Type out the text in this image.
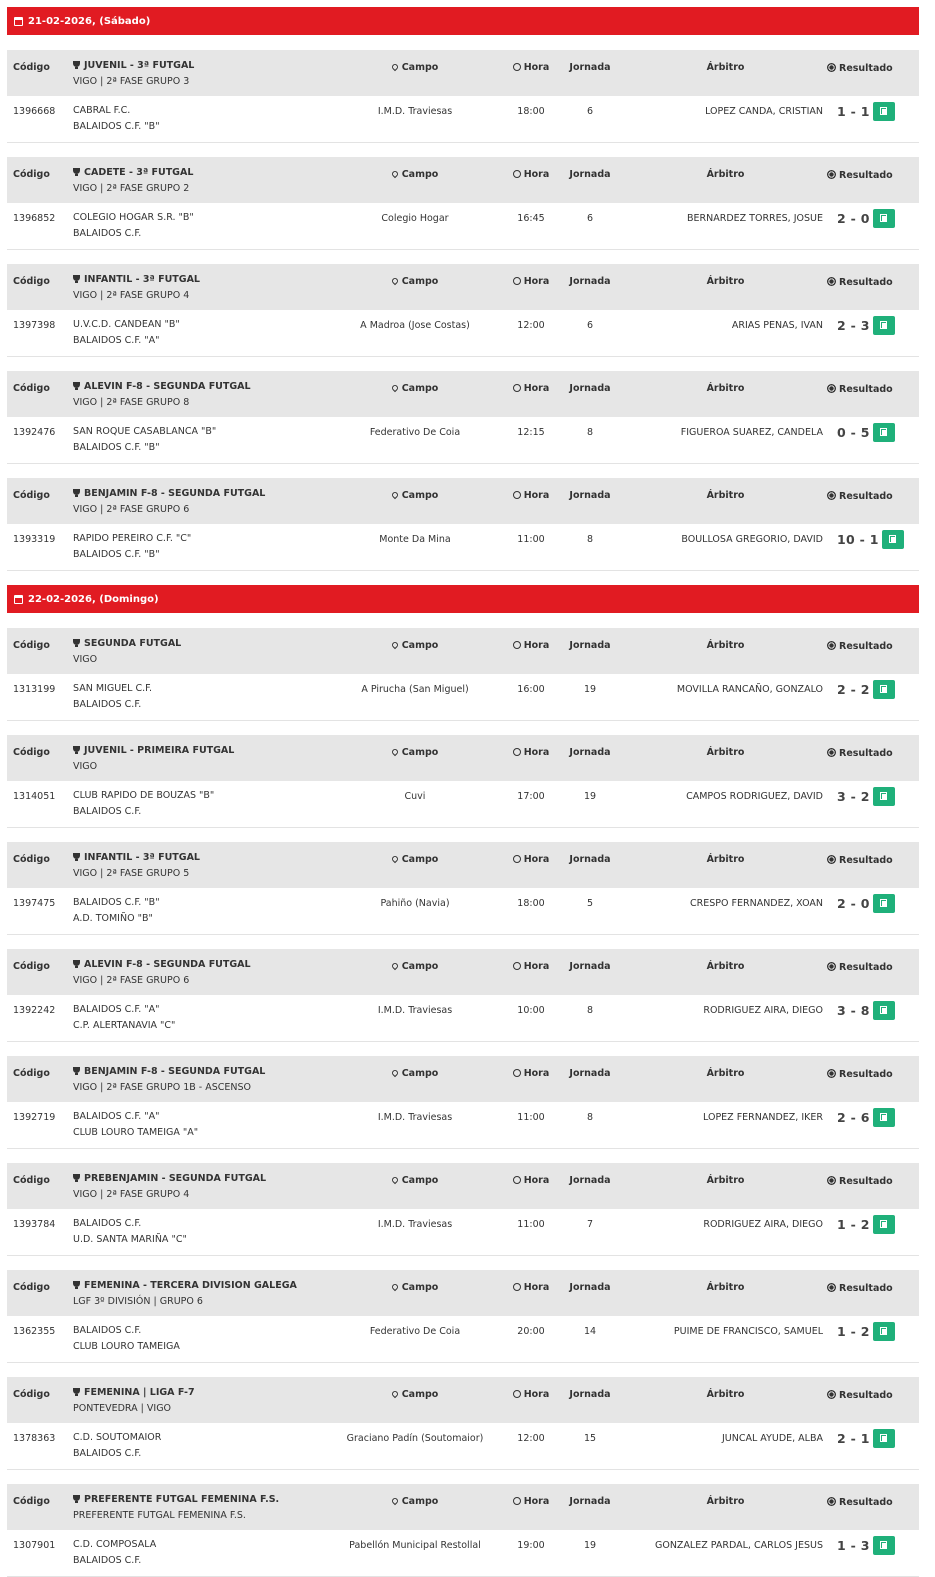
21-02-2026, (Sábado)
Código	JUVENIL - 3ª FUTGAL
VIGO | 2ª FASE GRUPO 3
Campo	Hora	Jornada	Árbitro	Resultado
1396668 CABRAL F.C.
BALAIDOS C.F. "B"
I.M.D. Traviesas	18:00	6	LOPEZ CANDA, CRISTIAN 1 - 1
Código	CADETE - 3ª FUTGAL
VIGO | 2ª FASE GRUPO 2
Campo	Hora	Jornada	Árbitro	Resultado
1396852 COLEGIO HOGAR S.R. "B"
BALAIDOS C.F.
Colegio Hogar	16:45	6	BERNARDEZ TORRES, JOSUE 2 - 0
Código	INFANTIL - 3ª FUTGAL
VIGO | 2ª FASE GRUPO 4
Campo	Hora	Jornada	Árbitro	Resultado
1397398 U.V.C.D. CANDEAN "B"
BALAIDOS C.F. "A"
A Madroa (Jose Costas)	12:00	6	ARIAS PENAS, IVAN 2 - 3
Código	ALEVIN F-8 - SEGUNDA FUTGAL
VIGO | 2ª FASE GRUPO 8
Campo	Hora	Jornada	Árbitro	Resultado
1392476 SAN ROQUE CASABLANCA "B"
BALAIDOS C.F. "B"
Federativo De Coia	12:15	8	FIGUEROA SUAREZ, CANDELA 0 - 5
Código	BENJAMIN F-8 - SEGUNDA FUTGAL
VIGO | 2ª FASE GRUPO 6
Campo	Hora	Jornada	Árbitro	Resultado
1393319 RAPIDO PEREIRO C.F. "C"
BALAIDOS C.F. "B"
Monte Da Mina	11:00	8	BOULLOSA GREGORIO, DAVID 10 - 1
22-02-2026, (Domingo)
Código	SEGUNDA FUTGAL
VIGO
Campo	Hora	Jornada	Árbitro	Resultado
1313199 SAN MIGUEL C.F.
BALAIDOS C.F.
A Pirucha (San Miguel)	16:00	19	MOVILLA RANCAÑO, GONZALO 2 - 2
Código	JUVENIL - PRIMEIRA FUTGAL
VIGO
Campo	Hora	Jornada	Árbitro	Resultado
1314051 CLUB RAPIDO DE BOUZAS "B"
BALAIDOS C.F.
Cuvi	17:00	19	CAMPOS RODRIGUEZ, DAVID 3 - 2
Código	INFANTIL - 3ª FUTGAL
VIGO | 2ª FASE GRUPO 5
Campo	Hora	Jornada	Árbitro	Resultado
1397475 BALAIDOS C.F. "B"
A.D. TOMIÑO "B"
Pahiño (Navia)	18:00	5	CRESPO FERNANDEZ, XOAN 2 - 0
Código	ALEVIN F-8 - SEGUNDA FUTGAL
VIGO | 2ª FASE GRUPO 6
Campo	Hora	Jornada	Árbitro	Resultado
1392242 BALAIDOS C.F. "A"
C.P. ALERTANAVIA "C"
I.M.D. Traviesas	10:00	8	RODRIGUEZ AIRA, DIEGO 3 - 8
Código	BENJAMIN F-8 - SEGUNDA FUTGAL
VIGO | 2ª FASE GRUPO 1B - ASCENSO
Campo	Hora	Jornada	Árbitro	Resultado
1392719 BALAIDOS C.F. "A"
CLUB LOURO TAMEIGA "A"
I.M.D. Traviesas	11:00	8	LOPEZ FERNANDEZ, IKER 2 - 6
Código	PREBENJAMIN - SEGUNDA FUTGAL
VIGO | 2ª FASE GRUPO 4
Campo	Hora	Jornada	Árbitro	Resultado
1393784 BALAIDOS C.F.
U.D. SANTA MARIÑA "C"
I.M.D. Traviesas	11:00	7	RODRIGUEZ AIRA, DIEGO 1 - 2
Código	FEMENINA - TERCERA DIVISION GALEGA
LGF 3º DIVISIÓN | GRUPO 6
Campo	Hora	Jornada	Árbitro	Resultado
1362355 BALAIDOS C.F.
CLUB LOURO TAMEIGA
Federativo De Coia	20:00	14	PUIME DE FRANCISCO, SAMUEL 1 - 2
Código	FEMENINA | LIGA F-7
PONTEVEDRA | VIGO
Campo	Hora	Jornada	Árbitro	Resultado
1378363 C.D. SOUTOMAIOR
BALAIDOS C.F.
Graciano Padín (Soutomaior)	12:00	15	JUNCAL AYUDE, ALBA 2 - 1
Código	PREFERENTE FUTGAL FEMENINA F.S.
PREFERENTE FUTGAL FEMENINA F.S.
Campo	Hora	Jornada	Árbitro	Resultado
1307901 C.D. COMPOSALA
BALAIDOS C.F.
Pabellón Municipal Restollal	19:00	19	GONZALEZ PARDAL, CARLOS JESUS 1 - 3
